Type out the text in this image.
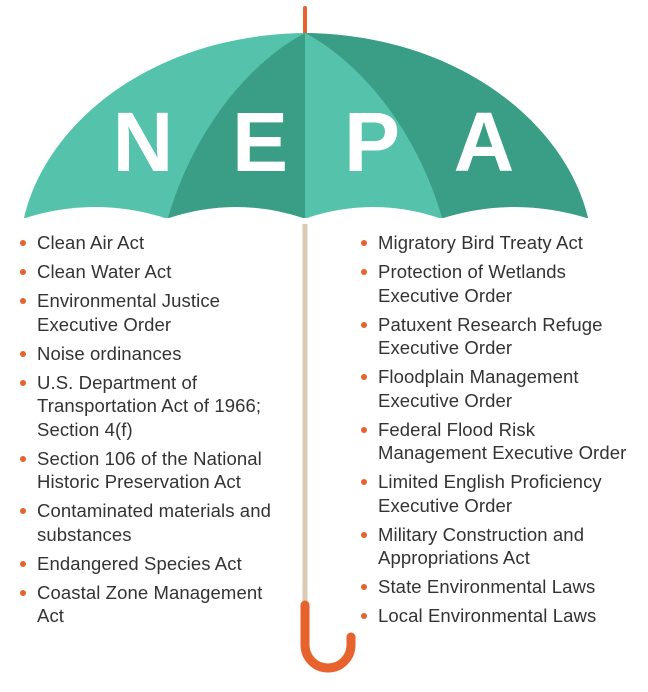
N E P A
Clean Air Act
Clean Water Act
Environmental Justice Executive Order
Noise ordinances
U.S. Department of Transportation Act of 1966; Section 4(f)
Section 106 of the National Historic Preservation Act
Contaminated materials and substances
Endangered Species Act
Coastal Zone Management Act
Migratory Bird Treaty Act
Protection of Wetlands Executive Order
Patuxent Research Refuge Executive Order
Floodplain Management Executive Order
Federal Flood Risk Management Executive Order
Limited English Proficiency Executive Order
Military Construction and Appropriations Act
State Environmental Laws
Local Environmental Laws
